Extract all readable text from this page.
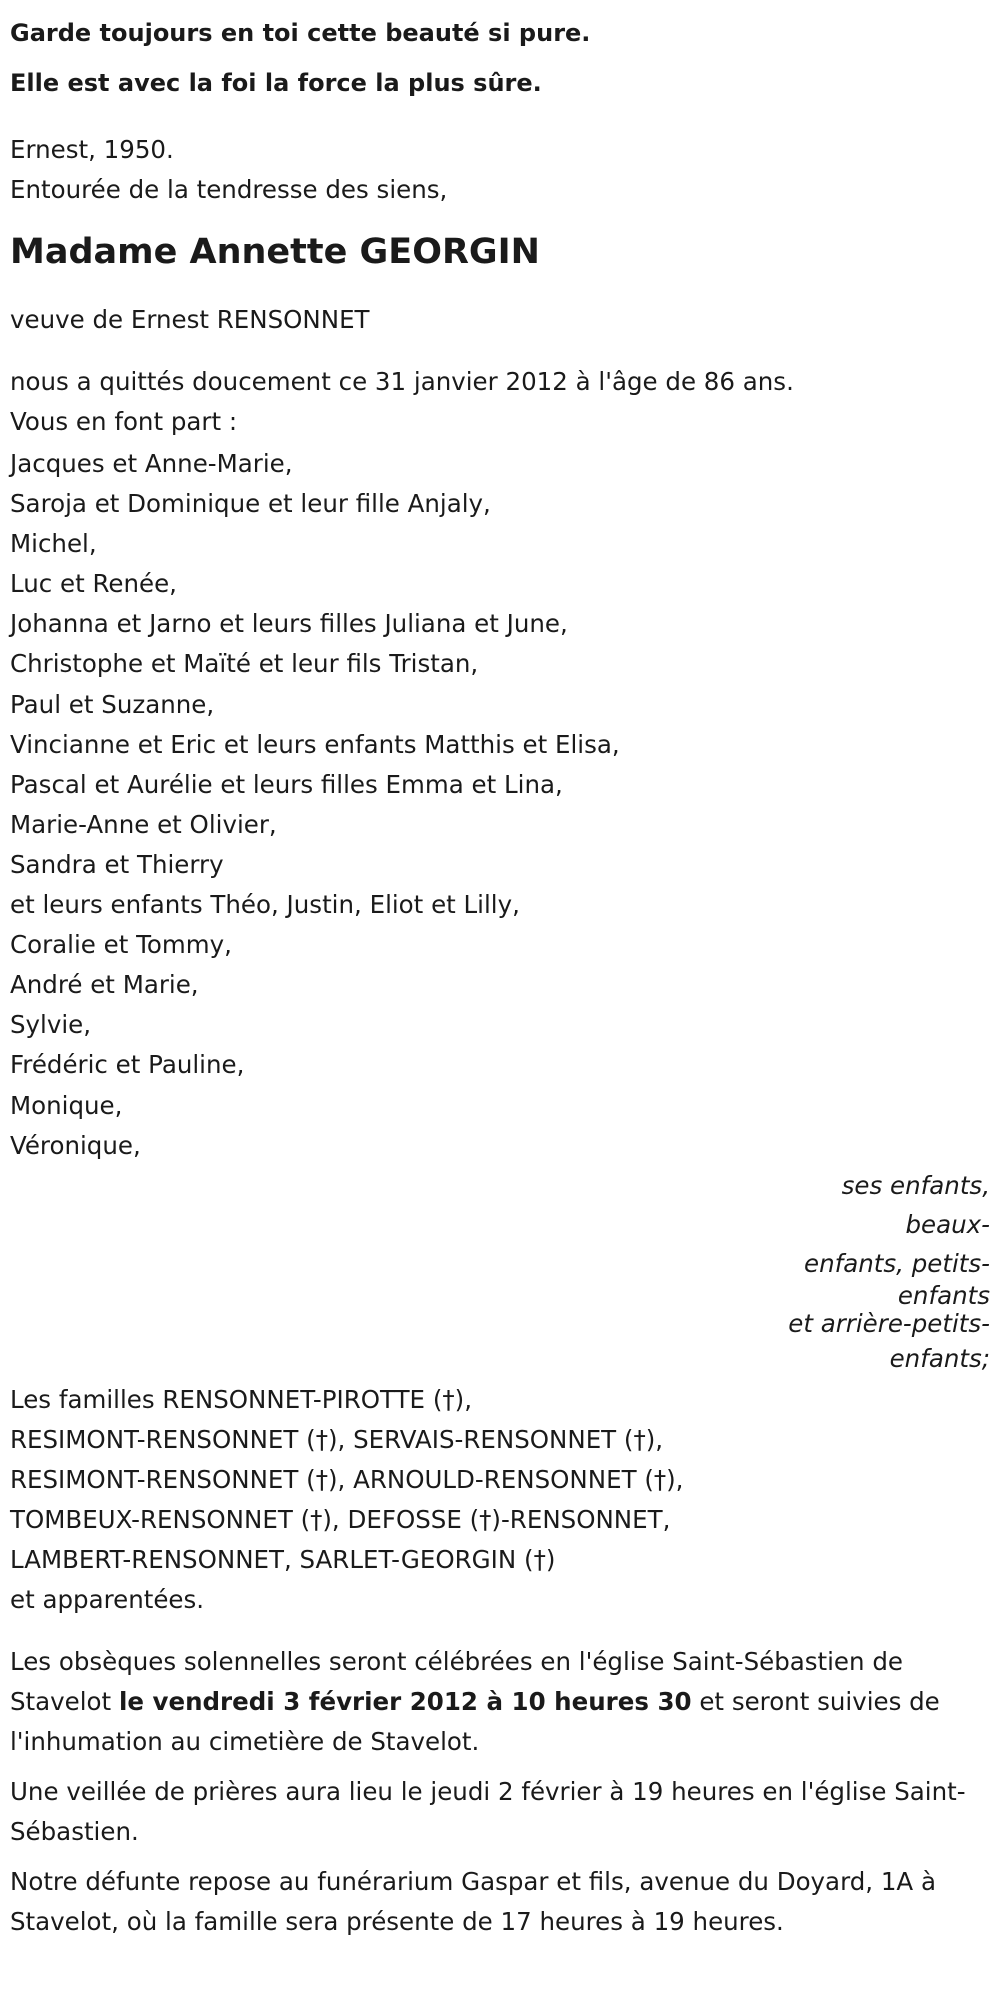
Garde toujours en toi cette beauté si pure.
Elle est avec la foi la force la plus sûre.
Ernest, 1950.
Entourée de la tendresse des siens,
Madame Annette GEORGIN
veuve de Ernest RENSONNET
nous a quittés doucement ce 31 janvier 2012 à l'âge de 86 ans.
Vous en font part :
Jacques et Anne-Marie,
Saroja et Dominique et leur fille Anjaly,
Michel,
Luc et Renée,
Johanna et Jarno et leurs filles Juliana et June,
Christophe et Maïté et leur fils Tristan,
Paul et Suzanne,
Vincianne et Eric et leurs enfants Matthis et Elisa,
Pascal et Aurélie et leurs filles Emma et Lina,
Marie-Anne et Olivier,
Sandra et Thierry
et leurs enfants Théo, Justin, Eliot et Lilly,
Coralie et Tommy,
André et Marie,
Sylvie,
Frédéric et Pauline,
Monique,
Véronique,
ses enfants, beaux-
enfants, petits-
enfants
et arrière-petits-
enfants;
Les familles RENSONNET-PIROTTE (†),
RESIMONT-RENSONNET (†), SERVAIS-RENSONNET (†),
RESIMONT-RENSONNET (†), ARNOULD-RENSONNET (†),
TOMBEUX-RENSONNET (†), DEFOSSE (†)-RENSONNET,
LAMBERT-RENSONNET, SARLET-GEORGIN (†)
et apparentées.
Les obsèques solennelles seront célébrées en l'église Saint-Sébastien de Stavelot le vendredi 3 février 2012 à 10 heures 30 et seront suivies de l'inhumation au cimetière de Stavelot.
Une veillée de prières aura lieu le jeudi 2 février à 19 heures en l'église Saint-Sébastien.
Notre défunte repose au funérarium Gaspar et fils, avenue du Doyard, 1A à Stavelot, où la famille sera présente de 17 heures à 19 heures.
